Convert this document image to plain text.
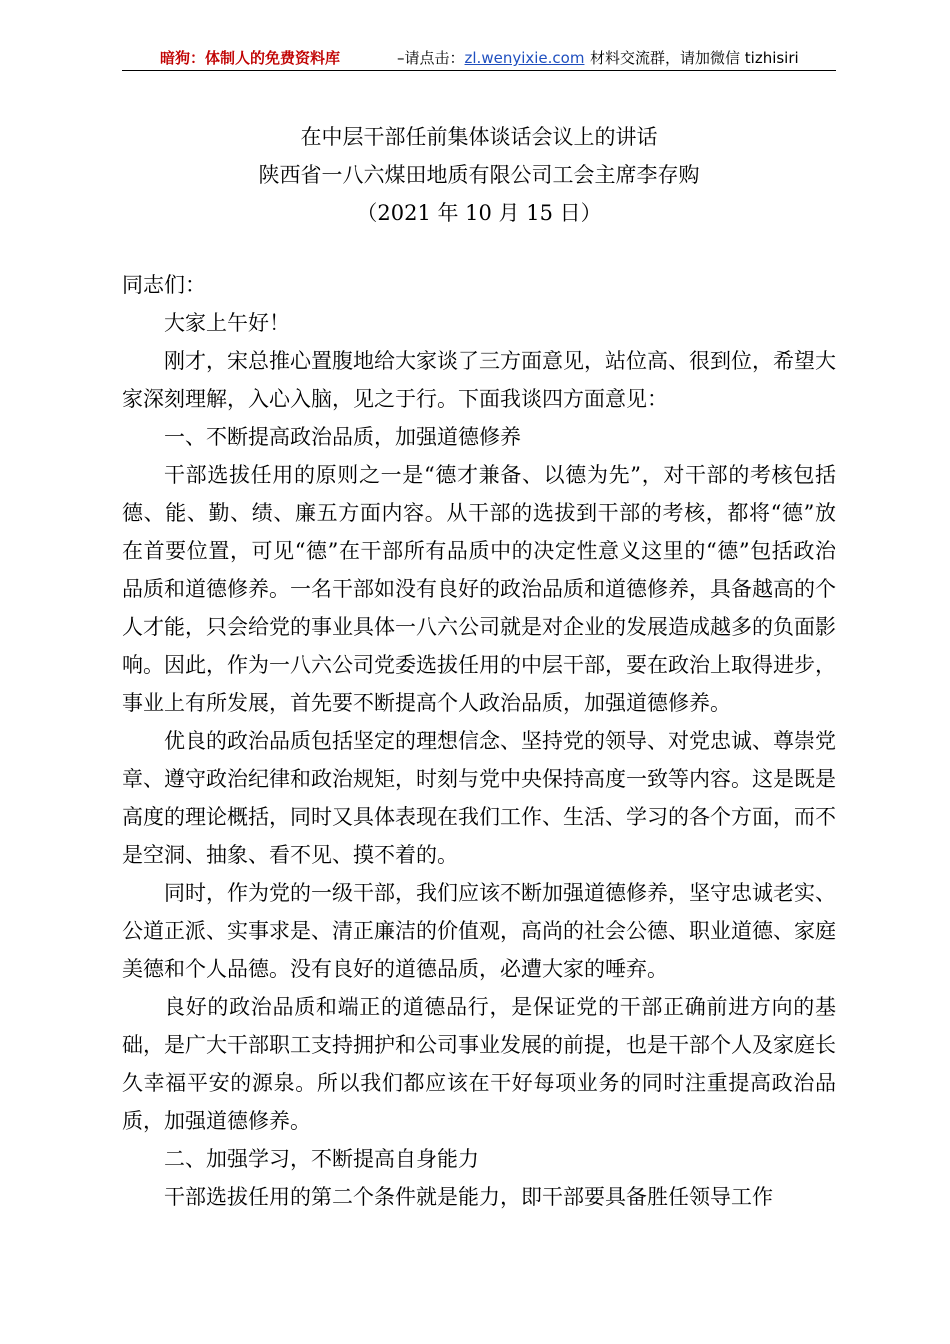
暗狗：体制人的免费资料库	–请点击：zl.wenyixie.com 材料交流群，请加微信 tizhisiri
在中层干部任前集体谈话会议上的讲话
陕西省一八六煤田地质有限公司工会主席李存购
（2021 年 10 月 15 日）

同志们：

大家上午好！

刚才，宋总推心置腹地给大家谈了三方面意见，站位高、很到位，希望大家深刻理解，入心入脑，见之于行。下面我谈四方面意见：

一、不断提高政治品质，加强道德修养

干部选拔任用的原则之一是“德才兼备、以德为先”，对干部的考核包括德、能、勤、绩、廉五方面内容。从干部的选拔到干部的考核，都将“德”放在首要位置，可见“德”在干部所有品质中的决定性意义这里的“德”包括政治品质和道德修养。一名干部如没有良好的政治品质和道德修养，具备越高的个人才能，只会给党的事业具体一八六公司就是对企业的发展造成越多的负面影响。因此，作为一八六公司党委选拔任用的中层干部，要在政治上取得进步，事业上有所发展，首先要不断提高个人政治品质，加强道德修养。

优良的政治品质包括坚定的理想信念、坚持党的领导、对党忠诚、尊崇党章、遵守政治纪律和政治规矩，时刻与党中央保持高度一致等内容。这是既是高度的理论概括，同时又具体表现在我们工作、生活、学习的各个方面，而不是空洞、抽象、看不见、摸不着的。

同时，作为党的一级干部，我们应该不断加强道德修养，坚守忠诚老实、公道正派、实事求是、清正廉洁的价值观，高尚的社会公德、职业道德、家庭美德和个人品德。没有良好的道德品质，必遭大家的唾弃。

良好的政治品质和端正的道德品行，是保证党的干部正确前进方向的基础，是广大干部职工支持拥护和公司事业发展的前提，也是干部个人及家庭长久幸福平安的源泉。所以我们都应该在干好每项业务的同时注重提高政治品质，加强道德修养。

二、加强学习，不断提高自身能力

干部选拔任用的第二个条件就是能力，即干部要具备胜任领导工作
